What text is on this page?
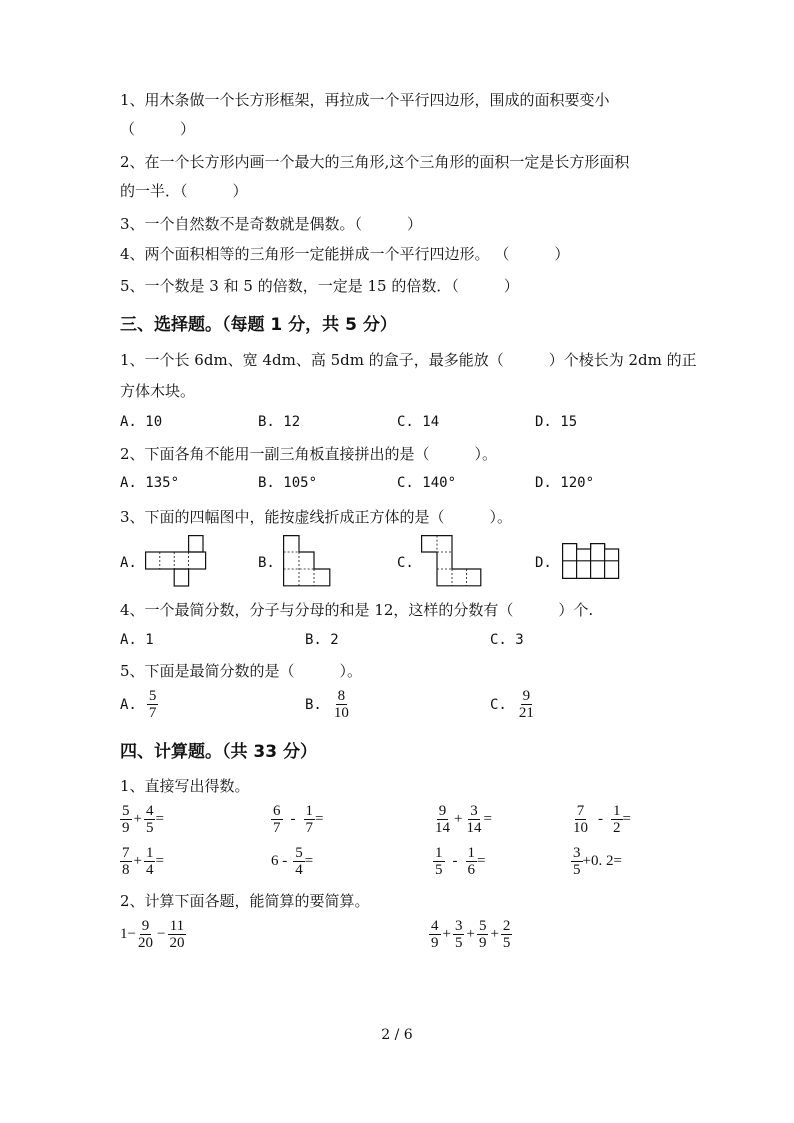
1、用木条做一个长方形框架，再拉成一个平行四边形，围成的面积要变小
（　　　）
2、在一个长方形内画一个最大的三角形,这个三角形的面积一定是长方形面积
的一半．（　　　）
3、一个自然数不是奇数就是偶数。（　　　）
4、两个面积相等的三角形一定能拼成一个平行四边形。 （　　　）
5、一个数是 3 和 5 的倍数，一定是 15 的倍数．（　　　）
三、选择题。（每题 1 分，共 5 分）
1、一个长 6dm、宽 4dm、高 5dm 的盒子，最多能放（　　　）个棱长为 2dm 的正
方体木块。
A. 10	B. 12	C. 14	D. 15
2、下面各角不能用一副三角板直接拼出的是（　　　）。
A. 135°	B. 105°	C. 140°	D. 120°
3、下面的四幅图中，能按虚线折成正方体的是（　　　）。
A.	B.	C.	D.
4、一个最简分数，分子与分母的和是 12，这样的分数有（　　　）个.
A. 1	B. 2	C. 3
5、下面是最简分数的是（　　　）。
A. $\frac{5}{7}$	B. $\frac{8}{10}$	C. $\frac{9}{21}$
四、计算题。（共 33 分）
1、直接写出得数。
$\frac{5}{9} + \frac{4}{5}$ =	$\frac{6}{7} - \frac{1}{7}$ =	$\frac{9}{14} + \frac{3}{14}$ =	$\frac{7}{10} - \frac{1}{2}$ =
$\frac{7}{8} + \frac{1}{4}$ =	$6 - \frac{5}{4}$ =	$\frac{1}{5} - \frac{1}{6}$ =	$\frac{3}{5} +0$. 2=
2、计算下面各题，能简算的要简算。
$1- \frac{9}{20} - \frac{11}{20}$	$\frac{4}{9} + \frac{3}{5} + \frac{5}{9} + \frac{2}{5}$
2 / 6
